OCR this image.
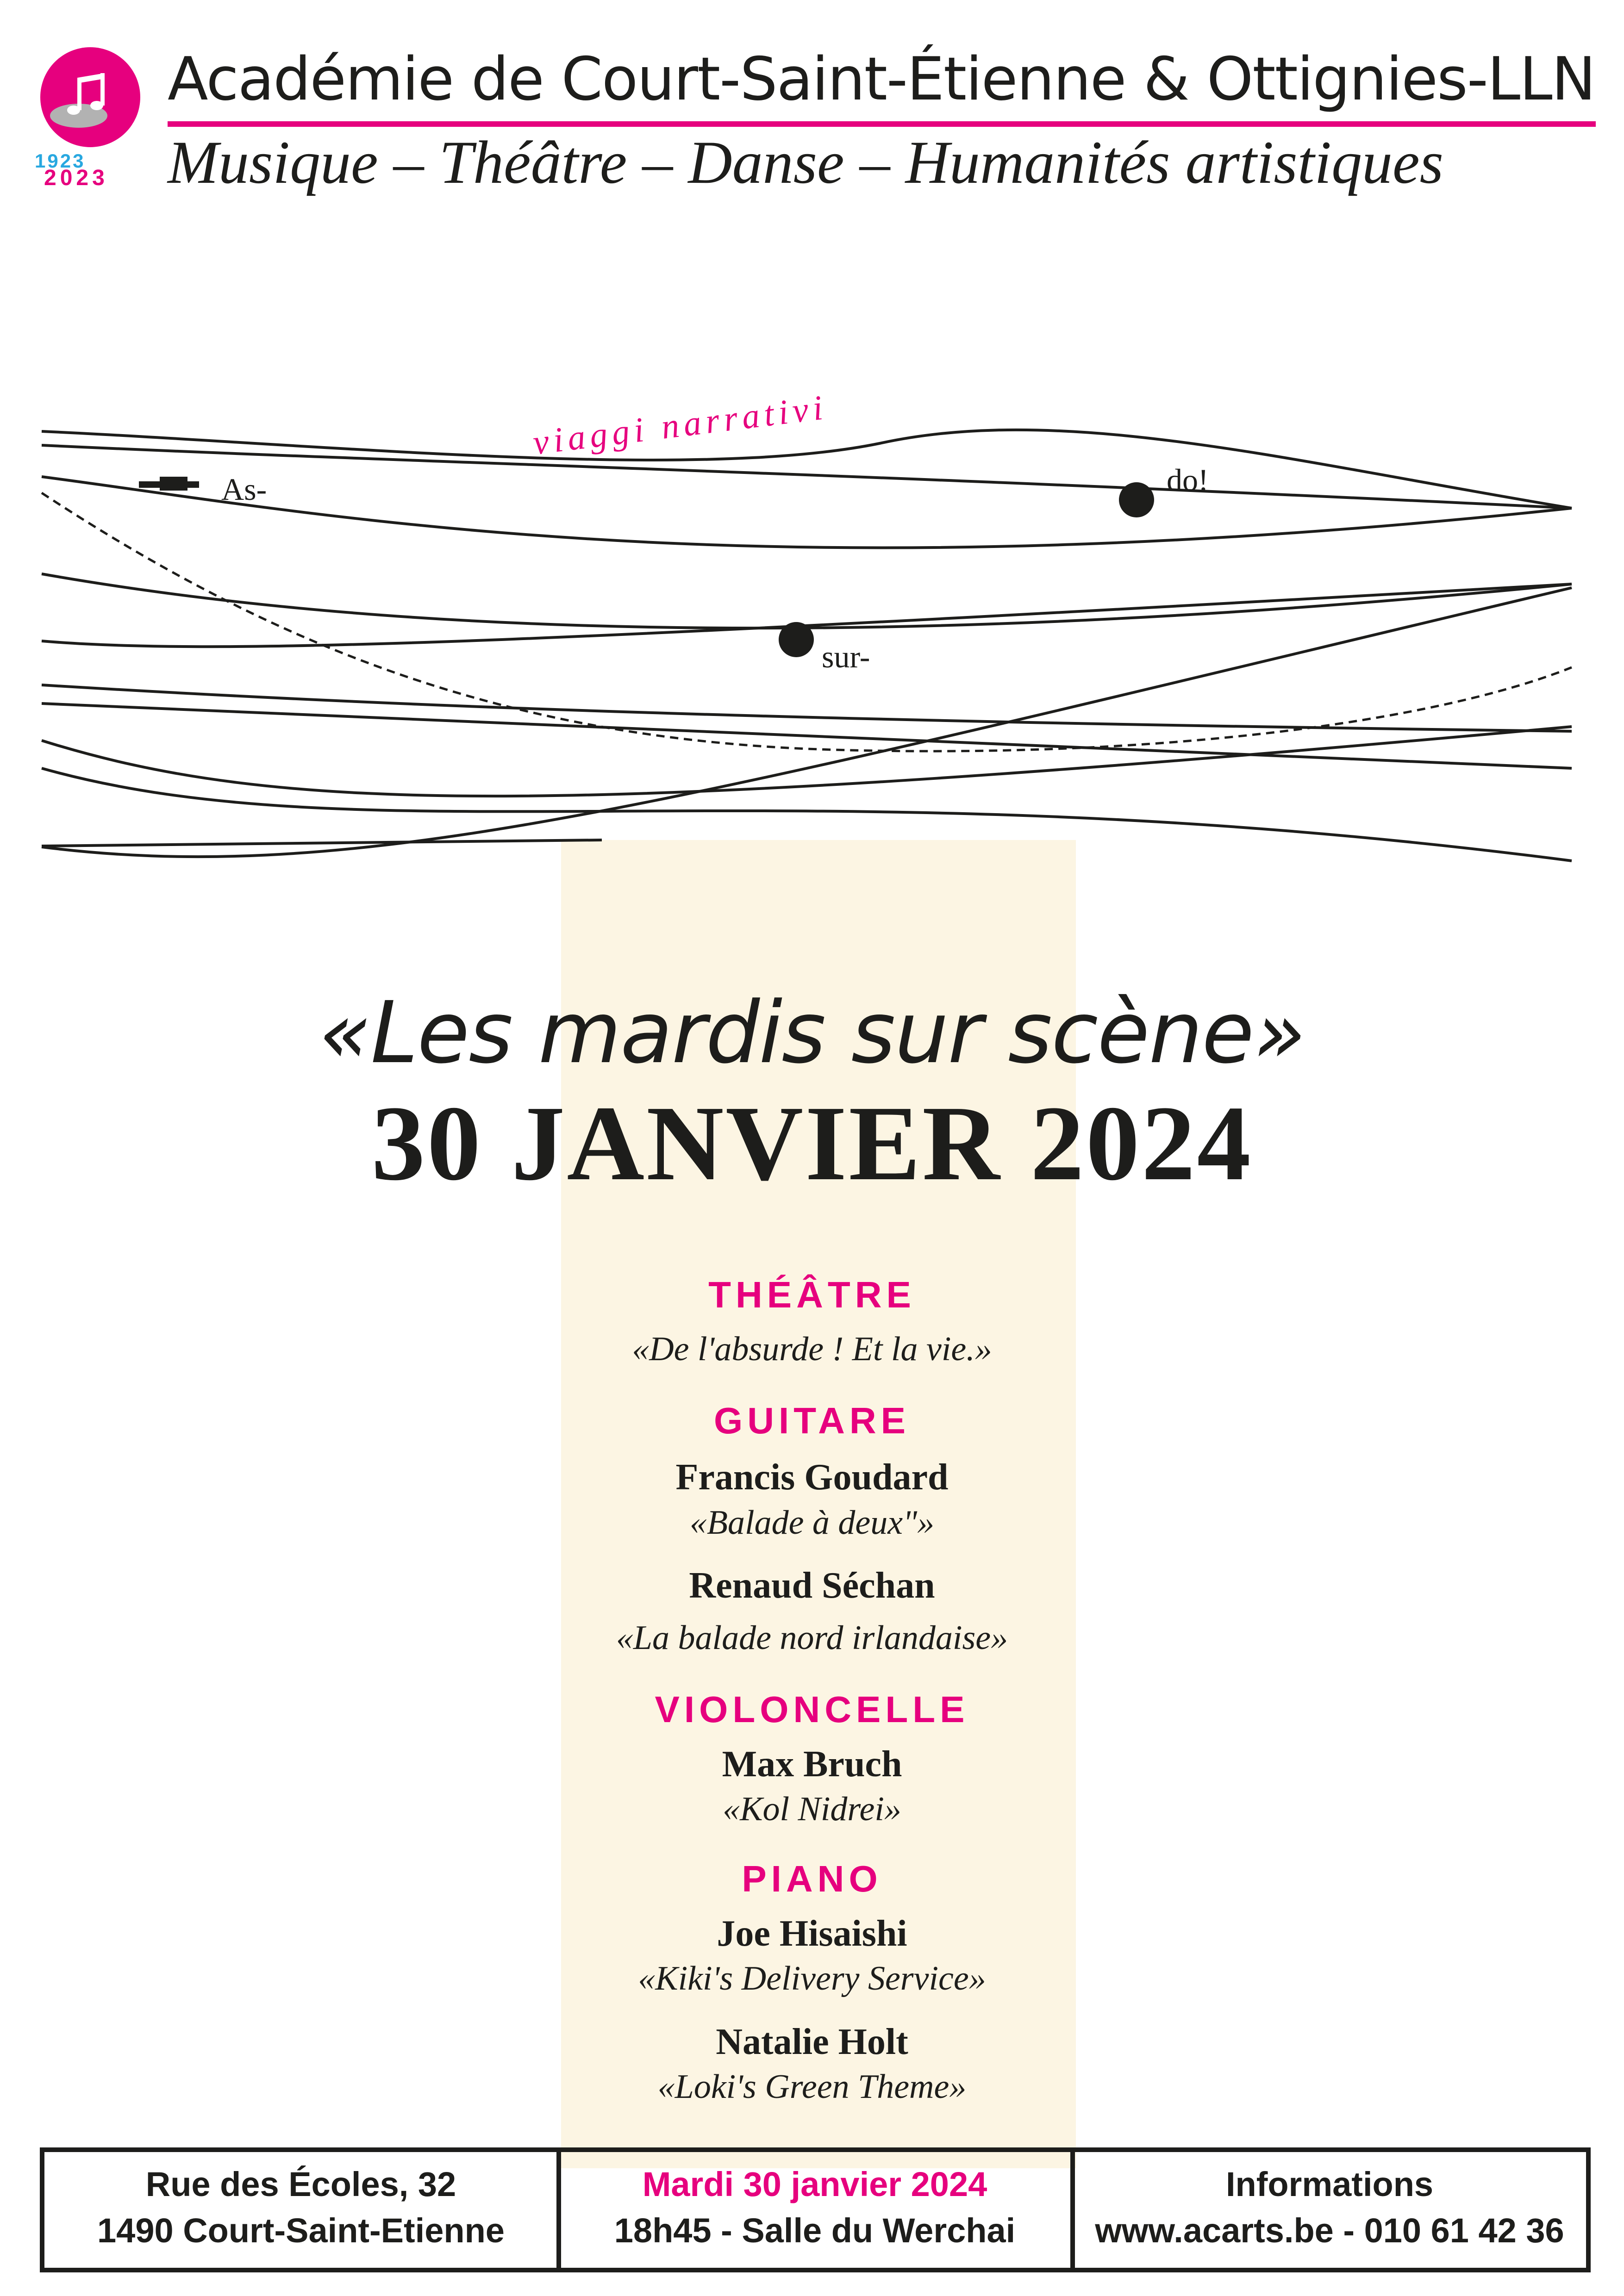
1923
2023
Académie de Court-Saint-Étienne & Ottignies-LLN
Musique – Théâtre – Danse – Humanités artistiques
viaggi narrativi
As-	do!
sur-
«Les mardis sur scène»
30 JANVIER 2024
THÉÂTRE
«De l'absurde ! Et la vie.»
GUITARE
Francis Goudard
«Balade à deux"»
Renaud Séchan
«La balade nord irlandaise»
VIOLONCELLE
Max Bruch
«Kol Nidrei»
PIANO
Joe Hisaishi
«Kiki's Delivery Service»
Natalie Holt
«Loki's Green Theme»
Rue des Écoles, 32
1490 Court-Saint-Etienne
Mardi 30 janvier 2024
18h45 - Salle du Werchai
Informations
www.acarts.be - 010 61 42 36
